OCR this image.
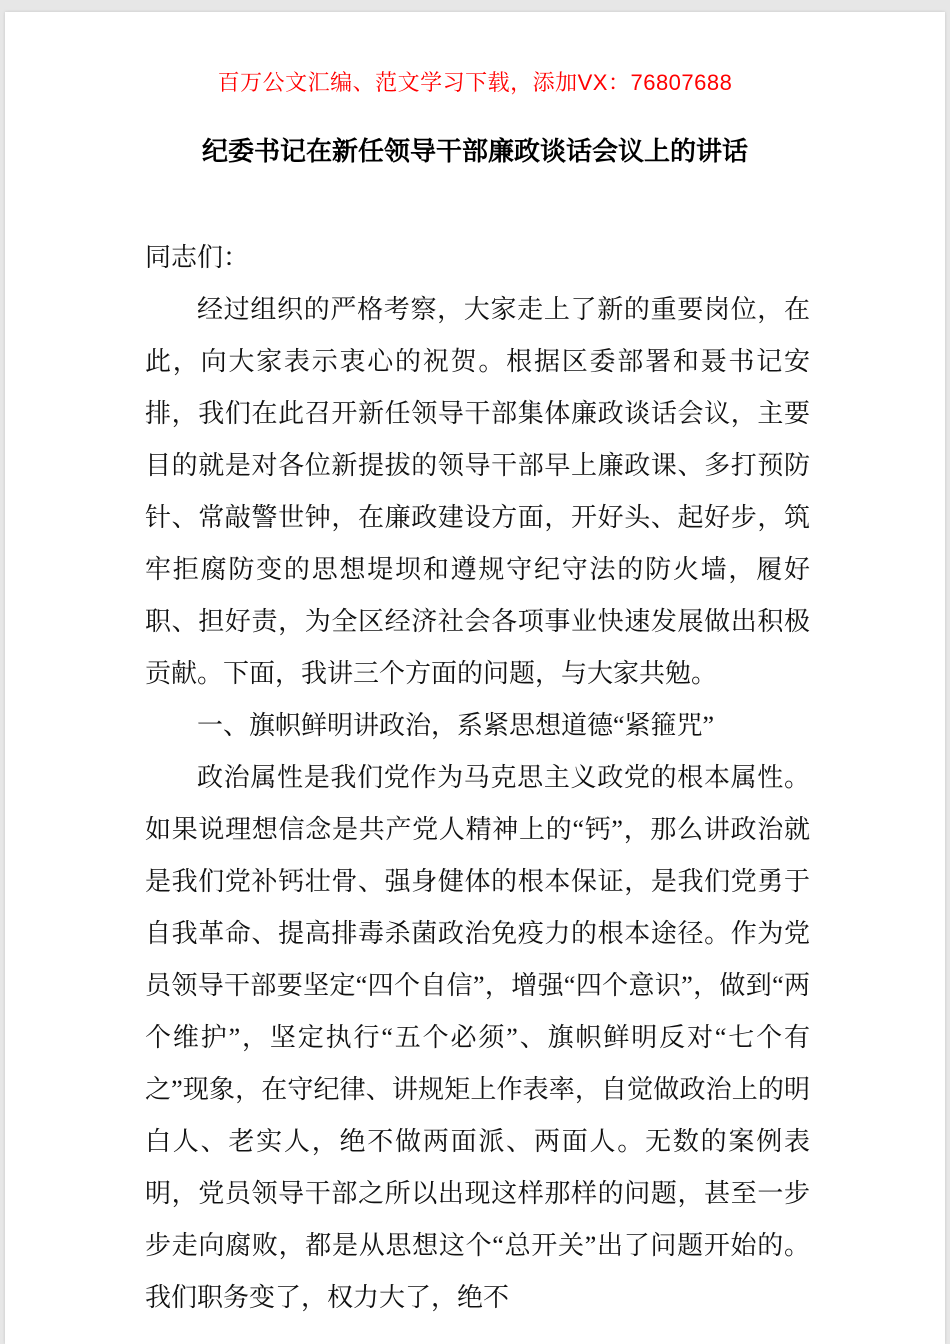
百万公文汇编、范文学习下载，添加VX：76807688
纪委书记在新任领导干部廉政谈话会议上的讲话

同志们：

经过组织的严格考察，大家走上了新的重要岗位，在此，向大家表示衷心的祝贺。根据区委部署和聂书记安排，我们在此召开新任领导干部集体廉政谈话会议，主要目的就是对各位新提拔的领导干部早上廉政课、多打预防针、常敲警世钟，在廉政建设方面，开好头、起好步，筑牢拒腐防变的思想堤坝和遵规守纪守法的防火墙，履好职、担好责，为全区经济社会各项事业快速发展做出积极贡献。下面，我讲三个方面的问题，与大家共勉。

一、旗帜鲜明讲政治，系紧思想道德“紧箍咒”

政治属性是我们党作为马克思主义政党的根本属性。如果说理想信念是共产党人精神上的“钙”，那么讲政治就是我们党补钙壮骨、强身健体的根本保证，是我们党勇于自我革命、提高排毒杀菌政治免疫力的根本途径。作为党员领导干部要坚定“四个自信”，增强“四个意识”，做到“两个维护”，坚定执行“五个必须”、旗帜鲜明反对“七个有之”现象，在守纪律、讲规矩上作表率，自觉做政治上的明白人、老实人，绝不做两面派、两面人。无数的案例表明，党员领导干部之所以出现这样那样的问题，甚至一步步走向腐败，都是从思想这个“总开关”出了问题开始的。我们职务变了，权力大了，绝不
